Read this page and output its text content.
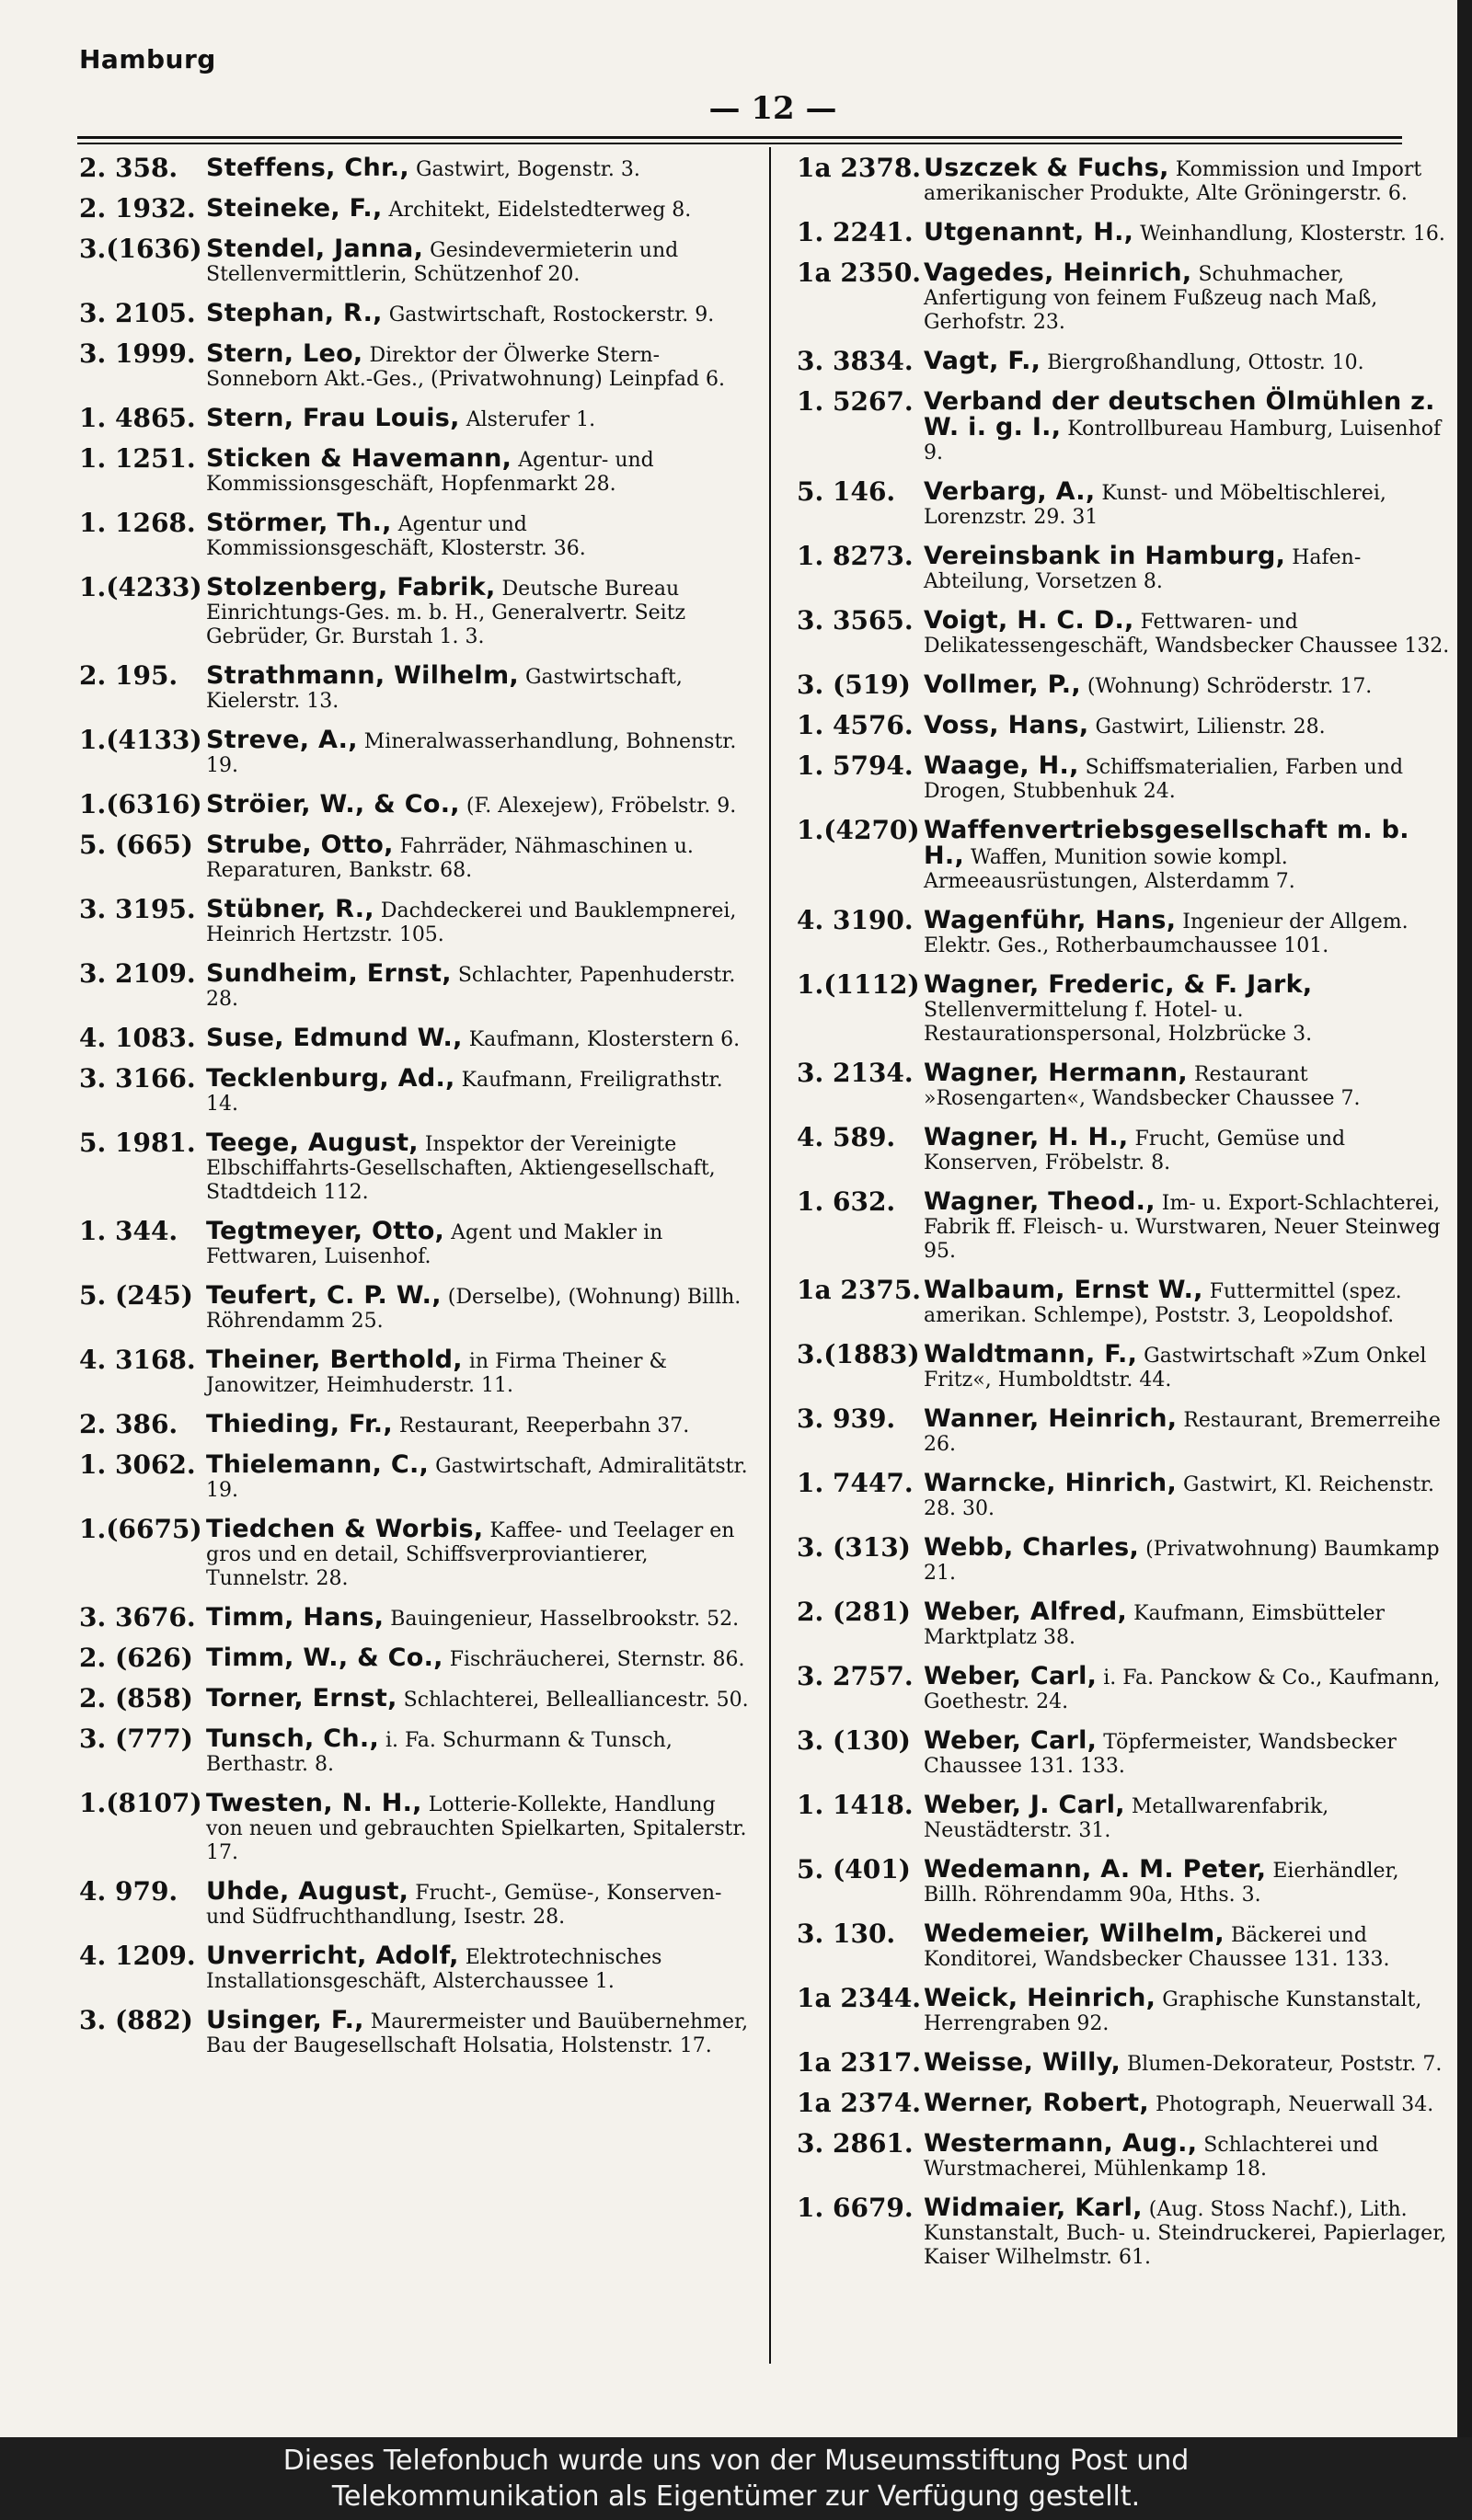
Hamburg
— 12 —
2. 358.	Steffens, Chr., Gastwirt, Bogenstr. 3.
2. 1932. Steineke, F., Architekt, Eidelstedterweg 8.
3.(1636) Stendel, Janna, Gesindevermieterin und Stellenvermittlerin, Schützenhof 20.
3. 2105. Stephan, R., Gastwirtschaft, Rostockerstr. 9.
3. 1999. Stern, Leo, Direktor der Ölwerke Stern-Sonneborn Akt.-Ges., (Privatwohnung) Leinpfad 6.
1. 4865. Stern, Frau Louis, Alsterufer 1.
1. 1251. Sticken & Havemann, Agentur- und Kommissionsgeschäft, Hopfenmarkt 28.
1. 1268. Störmer, Th., Agentur und Kommissionsgeschäft, Klosterstr. 36.
1.(4233) Stolzenberg, Fabrik, Deutsche Bureau Einrichtungs-Ges. m. b. H., Generalvertr. Seitz Gebrüder, Gr. Burstah 1. 3.
2. 195.	Strathmann, Wilhelm, Gastwirtschaft, Kielerstr. 13.
1.(4133) Streve, A., Mineralwasserhandlung, Bohnenstr. 19.
1.(6316) Ströier, W., & Co., (F. Alexejew), Fröbelstr. 9.
5. (665) Strube, Otto, Fahrräder, Nähmaschinen u. Reparaturen, Bankstr. 68.
3. 3195. Stübner, R., Dachdeckerei und Bauklempnerei, Heinrich Hertzstr. 105.
3. 2109. Sundheim, Ernst, Schlachter, Papenhuderstr. 28.
4. 1083. Suse, Edmund W., Kaufmann, Klosterstern 6.
3. 3166. Tecklenburg, Ad., Kaufmann, Freiligrathstr. 14.
5. 1981. Teege, August, Inspektor der Vereinigte Elbschiffahrts-Gesellschaften, Aktiengesellschaft, Stadtdeich 112.
1. 344.	Tegtmeyer, Otto, Agent und Makler in Fettwaren, Luisenhof.
5. (245) Teufert, C. P. W., (Derselbe), (Wohnung) Billh. Röhrendamm 25.
4. 3168. Theiner, Berthold, in Firma Theiner & Janowitzer, Heimhuderstr. 11.
2. 386.	Thieding, Fr., Restaurant, Reeperbahn 37.
1. 3062. Thielemann, C., Gastwirtschaft, Admiralitätstr. 19.
1.(6675) Tiedchen & Worbis, Kaffee- und Teelager en gros und en detail, Schiffsverproviantierer, Tunnelstr. 28.
3. 3676. Timm, Hans, Bauingenieur, Hasselbrookstr. 52.
2. (626) Timm, W., & Co., Fischräucherei, Sternstr. 86.
2. (858) Torner, Ernst, Schlachterei, Bellealliancestr. 50.
3. (777) Tunsch, Ch., i. Fa. Schurmann & Tunsch, Berthastr. 8.
1.(8107) Twesten, N. H., Lotterie-Kollekte, Handlung von neuen und gebrauchten Spielkarten, Spitalerstr. 17.
4. 979.	Uhde, August, Frucht-, Gemüse-, Konserven- und Südfruchthandlung, Isestr. 28.
4. 1209. Unverricht, Adolf, Elektrotechnisches Installationsgeschäft, Alsterchaussee 1.
3. (882) Usinger, F., Maurermeister und Bauübernehmer, Bau der Baugesellschaft Holsatia, Holstenstr. 17.
1a 2378. Uszczek & Fuchs, Kommission und Import amerikanischer Produkte, Alte Gröningerstr. 6.
1. 2241. Utgenannt, H., Weinhandlung, Klosterstr. 16.
1a 2350. Vagedes, Heinrich, Schuhmacher, Anfertigung von feinem Fußzeug nach Maß, Gerhofstr. 23.
3. 3834. Vagt, F., Biergroßhandlung, Ottostr. 10.
1. 5267. Verband der deutschen Ölmühlen z. W. i. g. I., Kontrollbureau Hamburg, Luisenhof 9.
5. 146.	Verbarg, A., Kunst- und Möbeltischlerei, Lorenzstr. 29. 31
1. 8273. Vereinsbank in Hamburg, Hafen-Abteilung, Vorsetzen 8.
3. 3565. Voigt, H. C. D., Fettwaren- und Delikatessengeschäft, Wandsbecker Chaussee 132.
3. (519) Vollmer, P., (Wohnung) Schröderstr. 17.
1. 4576. Voss, Hans, Gastwirt, Lilienstr. 28.
1. 5794. Waage, H., Schiffsmaterialien, Farben und Drogen, Stubbenhuk 24.
1.(4270) Waffenvertriebsgesellschaft m. b. H., Waffen, Munition sowie kompl. Armeeausrüstungen, Alsterdamm 7.
4. 3190. Wagenführ, Hans, Ingenieur der Allgem. Elektr. Ges., Rotherbaumchaussee 101.
1.(1112) Wagner, Frederic, & F. Jark, Stellenvermittelung f. Hotel- u. Restaurationspersonal, Holzbrücke 3.
3. 2134. Wagner, Hermann, Restaurant »Rosengarten«, Wandsbecker Chaussee 7.
4. 589.	Wagner, H. H., Frucht, Gemüse und Konserven, Fröbelstr. 8.
1. 632.	Wagner, Theod., Im- u. Export-Schlachterei, Fabrik ff. Fleisch- u. Wurstwaren, Neuer Steinweg 95.
1a 2375. Walbaum, Ernst W., Futtermittel (spez. amerikan. Schlempe), Poststr. 3, Leopoldshof.
3.(1883) Waldtmann, F., Gastwirtschaft »Zum Onkel Fritz«, Humboldtstr. 44.
3. 939.	Wanner, Heinrich, Restaurant, Bremerreihe 26.
1. 7447. Warncke, Hinrich, Gastwirt, Kl. Reichenstr. 28. 30.
3. (313) Webb, Charles, (Privatwohnung) Baumkamp 21.
2. (281) Weber, Alfred, Kaufmann, Eimsbütteler Marktplatz 38.
3. 2757. Weber, Carl, i. Fa. Panckow & Co., Kaufmann, Goethestr. 24.
3. (130) Weber, Carl, Töpfermeister, Wandsbecker Chaussee 131. 133.
1. 1418. Weber, J. Carl, Metallwarenfabrik, Neustädterstr. 31.
5. (401) Wedemann, A. M. Peter, Eierhändler, Billh. Röhrendamm 90a, Hths. 3.
3. 130.	Wedemeier, Wilhelm, Bäckerei und Konditorei, Wandsbecker Chaussee 131. 133.
1a 2344. Weick, Heinrich, Graphische Kunstanstalt, Herrengraben 92.
1a 2317. Weisse, Willy, Blumen-Dekorateur, Poststr. 7.
1a 2374. Werner, Robert, Photograph, Neuerwall 34.
3. 2861. Westermann, Aug., Schlachterei und Wurstmacherei, Mühlenkamp 18.
1. 6679. Widmaier, Karl, (Aug. Stoss Nachf.), Lith. Kunstanstalt, Buch- u. Steindruckerei, Papierlager, Kaiser Wilhelmstr. 61.
Dieses Telefonbuch wurde uns von der Museumsstiftung Post und
Telekommunikation als Eigentümer zur Verfügung gestellt.
